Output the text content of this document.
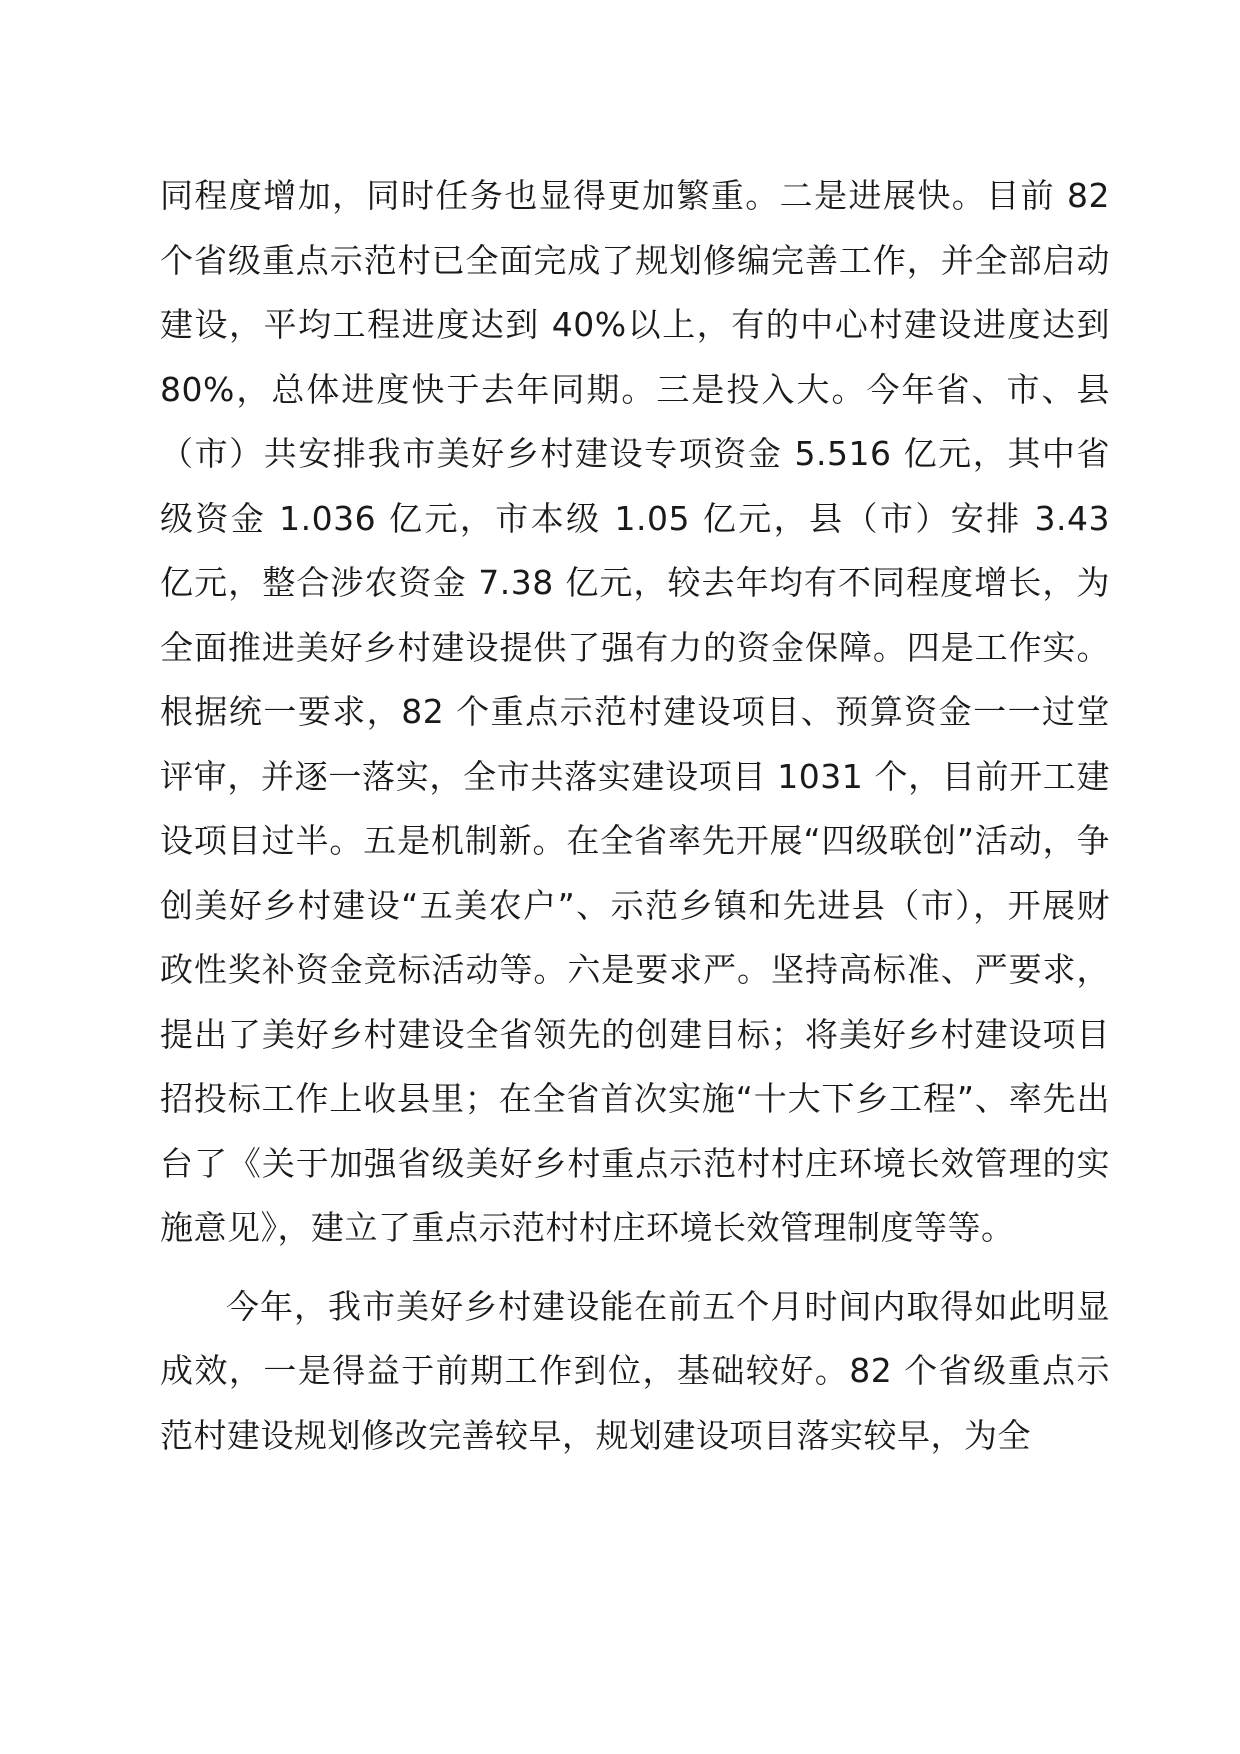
同程度增加，同时任务也显得更加繁重。二是进展快。目前 82 个省级重点示范村已全面完成了规划修编完善工作，并全部启动建设，平均工程进度达到 40%以上，有的中心村建设进度达到 80%，总体进度快于去年同期。三是投入大。今年省、市、县（市）共安排我市美好乡村建设专项资金 5.516 亿元，其中省级资金 1.036 亿元，市本级 1.05 亿元，县（市）安排 3.43 亿元，整合涉农资金 7.38 亿元，较去年均有不同程度增长，为全面推进美好乡村建设提供了强有力的资金保障。四是工作实。根据统一要求，82 个重点示范村建设项目、预算资金一一过堂评审，并逐一落实，全市共落实建设项目 1031 个，目前开工建设项目过半。五是机制新。在全省率先开展“四级联创”活动，争创美好乡村建设“五美农户”、示范乡镇和先进县（市），开展财政性奖补资金竞标活动等。六是要求严。坚持高标准、严要求，提出了美好乡村建设全省领先的创建目标；将美好乡村建设项目招投标工作上收县里；在全省首次实施“十大下乡工程”、率先出台了《关于加强省级美好乡村重点示范村村庄环境长效管理的实施意见》，建立了重点示范村村庄环境长效管理制度等等。

今年，我市美好乡村建设能在前五个月时间内取得如此明显成效，一是得益于前期工作到位，基础较好。82 个省级重点示范村建设规划修改完善较早，规划建设项目落实较早，为全
